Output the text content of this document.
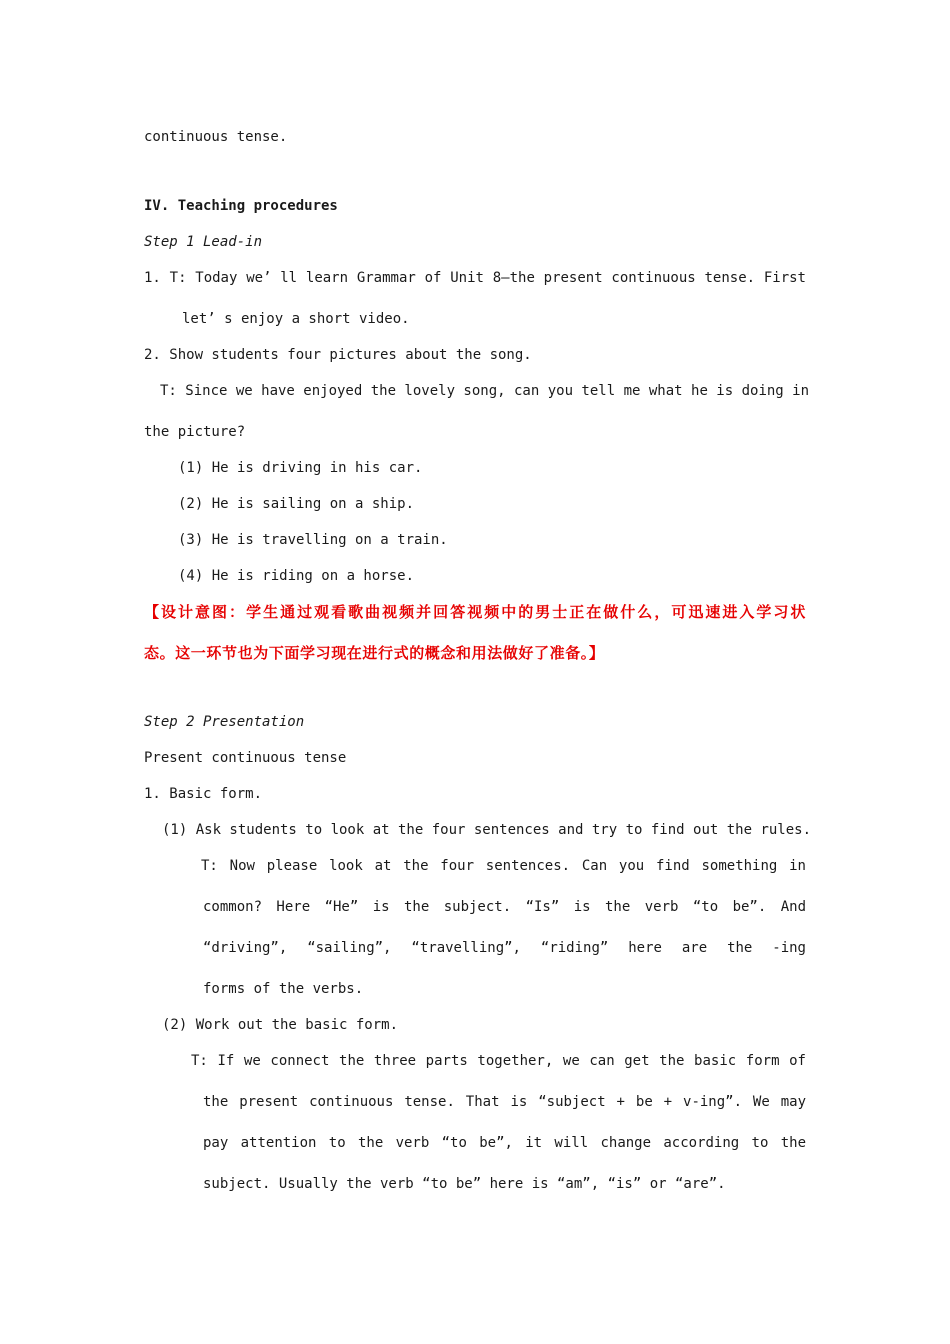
continuous tense.
IV. Teaching procedures
Step 1 Lead-in
1. T: Today we’ ll learn Grammar of Unit 8—the present continuous tense. First
let’ s enjoy a short video.
2. Show students four pictures about the song.
T: Since we have enjoyed the lovely song, can you tell me what he is doing in
the picture?
(1) He is driving in his car.
(2) He is sailing on a ship.
(3) He is travelling on a train.
(4) He is riding on a horse.
【设计意图：学生通过观看歌曲视频并回答视频中的男士正在做什么，可迅速进入学习状
态。这一环节也为下面学习现在进行式的概念和用法做好了准备。】
Step 2 Presentation
Present continuous tense
1. Basic form.
(1) Ask students to look at the four sentences and try to find out the rules.
T: Now please look at the four sentences. Can you find something in
common? Here “He” is the subject. “Is” is the verb “to be”. And
“driving”, “sailing”, “travelling”, “riding” here are the -ing
forms of the verbs.
(2) Work out the basic form.
T: If we connect the three parts together, we can get the basic form of
the present continuous tense. That is “subject + be + v-ing”. We may
pay attention to the verb “to be”, it will change according to the
subject. Usually the verb “to be” here is “am”, “is” or “are”.
